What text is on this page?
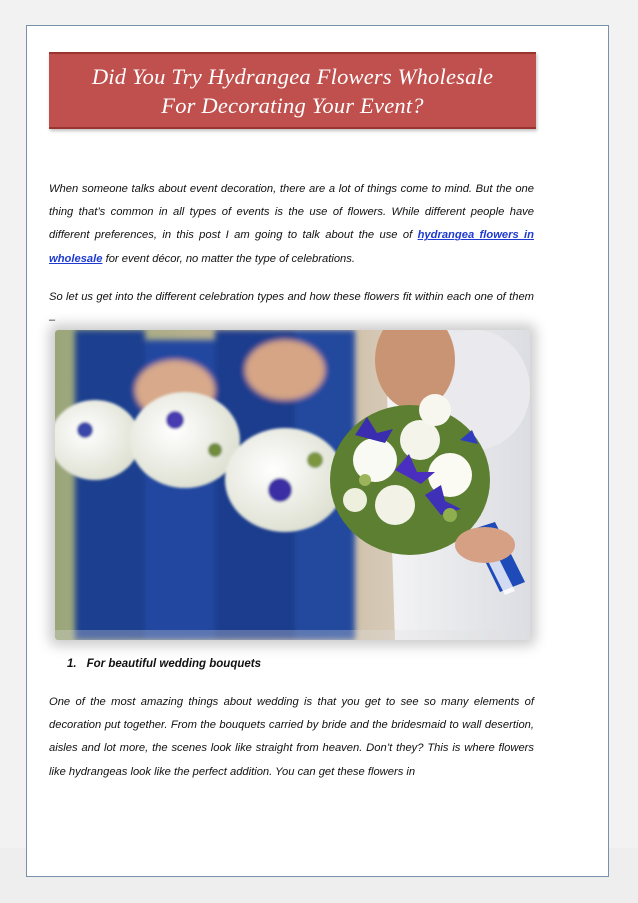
Did You Try Hydrangea Flowers Wholesale
For Decorating Your Event?
When someone talks about event decoration, there are a lot of things come to mind. But the one thing that’s common in all types of events is the use of flowers. While different people have different preferences, in this post I am going to talk about the use of hydrangea flowers in wholesale for event décor, no matter the type of celebrations.
So let us get into the different celebration types and how these flowers fit within each one of them –
1. For beautiful wedding bouquets
One of the most amazing things about wedding is that you get to see so many elements of decoration put together. From the bouquets carried by bride and the bridesmaid to wall desertion, aisles and lot more, the scenes look like straight from heaven. Don’t they? This is where flowers like hydrangeas look like the perfect addition. You can get these flowers in
